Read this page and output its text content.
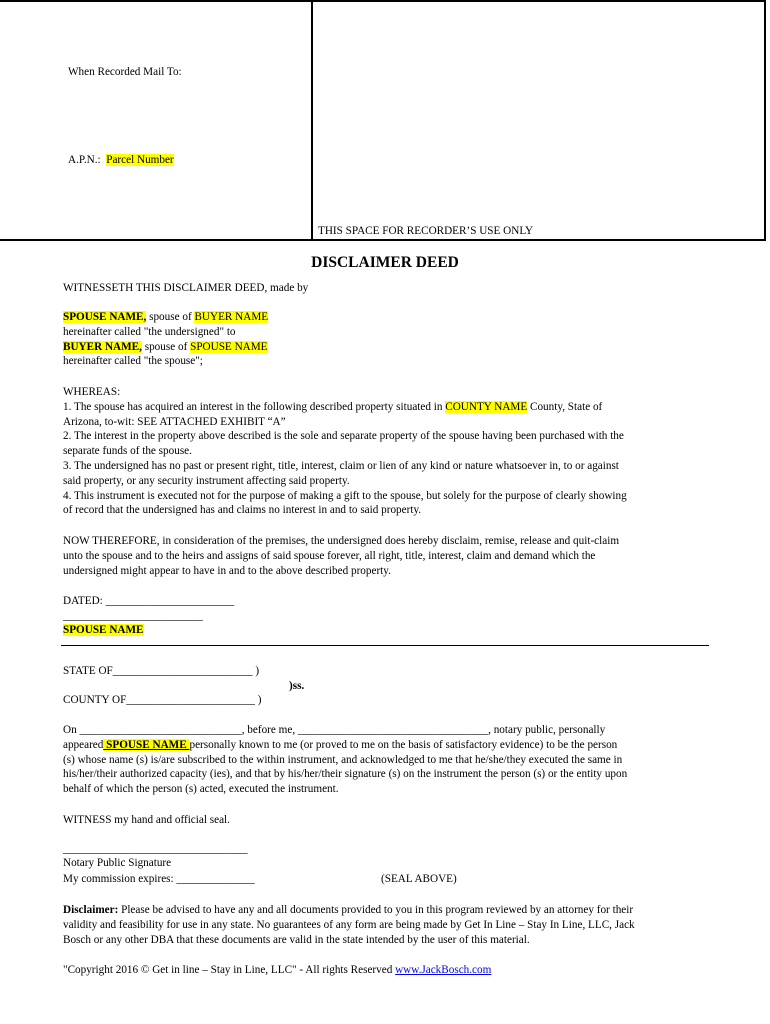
When Recorded Mail To:
A.P.N.: Parcel Number
THIS SPACE FOR RECORDER’S USE ONLY
DISCLAIMER DEED
WITNESSETH THIS DISCLAIMER DEED, made by
SPOUSE NAME, spouse of BUYER NAME
hereinafter called "the undersigned" to
BUYER NAME, spouse of SPOUSE NAME
hereinafter called "the spouse";
WHEREAS:
1. The spouse has acquired an interest in the following described property situated in COUNTY NAME County, State of
Arizona, to-wit: SEE ATTACHED EXHIBIT “A”
2. The interest in the property above described is the sole and separate property of the spouse having been purchased with the
separate funds of the spouse.
3. The undersigned has no past or present right, title, interest, claim or lien of any kind or nature whatsoever in, to or against
said property, or any security instrument affecting said property.
4. This instrument is executed not for the purpose of making a gift to the spouse, but solely for the purpose of clearly showing
of record that the undersigned has and claims no interest in and to said property.
NOW THEREFORE, in consideration of the premises, the undersigned does hereby disclaim, remise, release and quit-claim
unto the spouse and to the heirs and assigns of said spouse forever, all right, title, interest, claim and demand which the
undersigned might appear to have in and to the above described property.
DATED: _______________________
_________________________
SPOUSE NAME
STATE OF_________________________ )
)ss.
COUNTY OF_______________________ )
On _____________________________, before me, __________________________________, notary public, personally
appeared SPOUSE NAME personally known to me (or proved to me on the basis of satisfactory evidence) to be the person
(s) whose name (s) is/are subscribed to the within instrument, and acknowledged to me that he/she/they executed the same in
his/her/their authorized capacity (ies), and that by his/her/their signature (s) on the instrument the person (s) or the entity upon
behalf of which the person (s) acted, executed the instrument.
WITNESS my hand and official seal.
_________________________________
Notary Public Signature
My commission expires: ______________	(SEAL ABOVE)
Disclaimer: Please be advised to have any and all documents provided to you in this program reviewed by an attorney for their
validity and feasibility for use in any state. No guarantees of any form are being made by Get In Line – Stay In Line, LLC, Jack
Bosch or any other DBA that these documents are valid in the state intended by the user of this material.
"Copyright 2016 © Get in line – Stay in Line, LLC" - All rights Reserved www.JackBosch.com
